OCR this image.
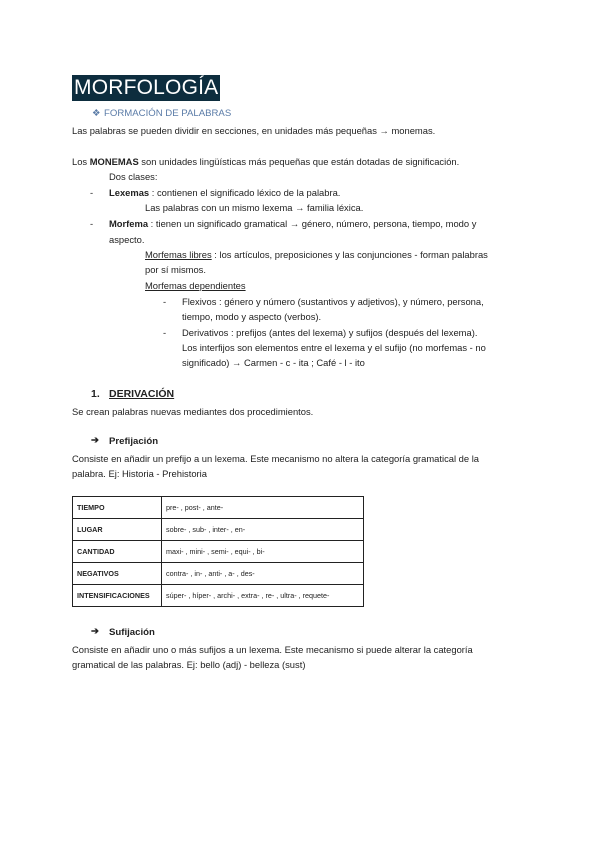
MORFOLOGÍA
❖ FORMACIÓN DE PALABRAS
Las palabras se pueden dividir en secciones, en unidades más pequeñas → monemas.
Los MONEMAS son unidades lingüísticas más pequeñas que están dotadas de significación.
Dos clases:
- Lexemas : contienen el significado léxico de la palabra.
Las palabras con un mismo lexema → familia léxica.
- Morfema : tienen un significado gramatical → género, número, persona, tiempo, modo y
aspecto.
Morfemas libres : los artículos, preposiciones y las conjunciones - forman palabras
por sí mismos.
Morfemas dependientes
- Flexivos : género y número (sustantivos y adjetivos), y número, persona,
tiempo, modo y aspecto (verbos).
- Derivativos : prefijos (antes del lexema) y sufijos (después del lexema).
Los interfijos son elementos entre el lexema y el sufijo (no morfemas - no
significado) → Carmen - c - ita ; Café - l - ito
1. DERIVACIÓN
Se crean palabras nuevas mediantes dos procedimientos.
➔ Prefijación
Consiste en añadir un prefijo a un lexema. Este mecanismo no altera la categoría gramatical de la
palabra. Ej: Historia - Prehistoria
TIEMPO	pre- , post- , ante-
LUGAR	sobre- , sub- , inter- , en-
CANTIDAD	maxi- , mini- , semi- , equi- , bi-
NEGATIVOS	contra- , in- , anti- , a- , des-
INTENSIFICACIONES	súper- , híper- , archi- , extra- , re- , ultra- , requete-
➔ Sufijación
Consiste en añadir uno o más sufijos a un lexema. Este mecanismo si puede alterar la categoría
gramatical de las palabras. Ej: bello (adj) - belleza (sust)
